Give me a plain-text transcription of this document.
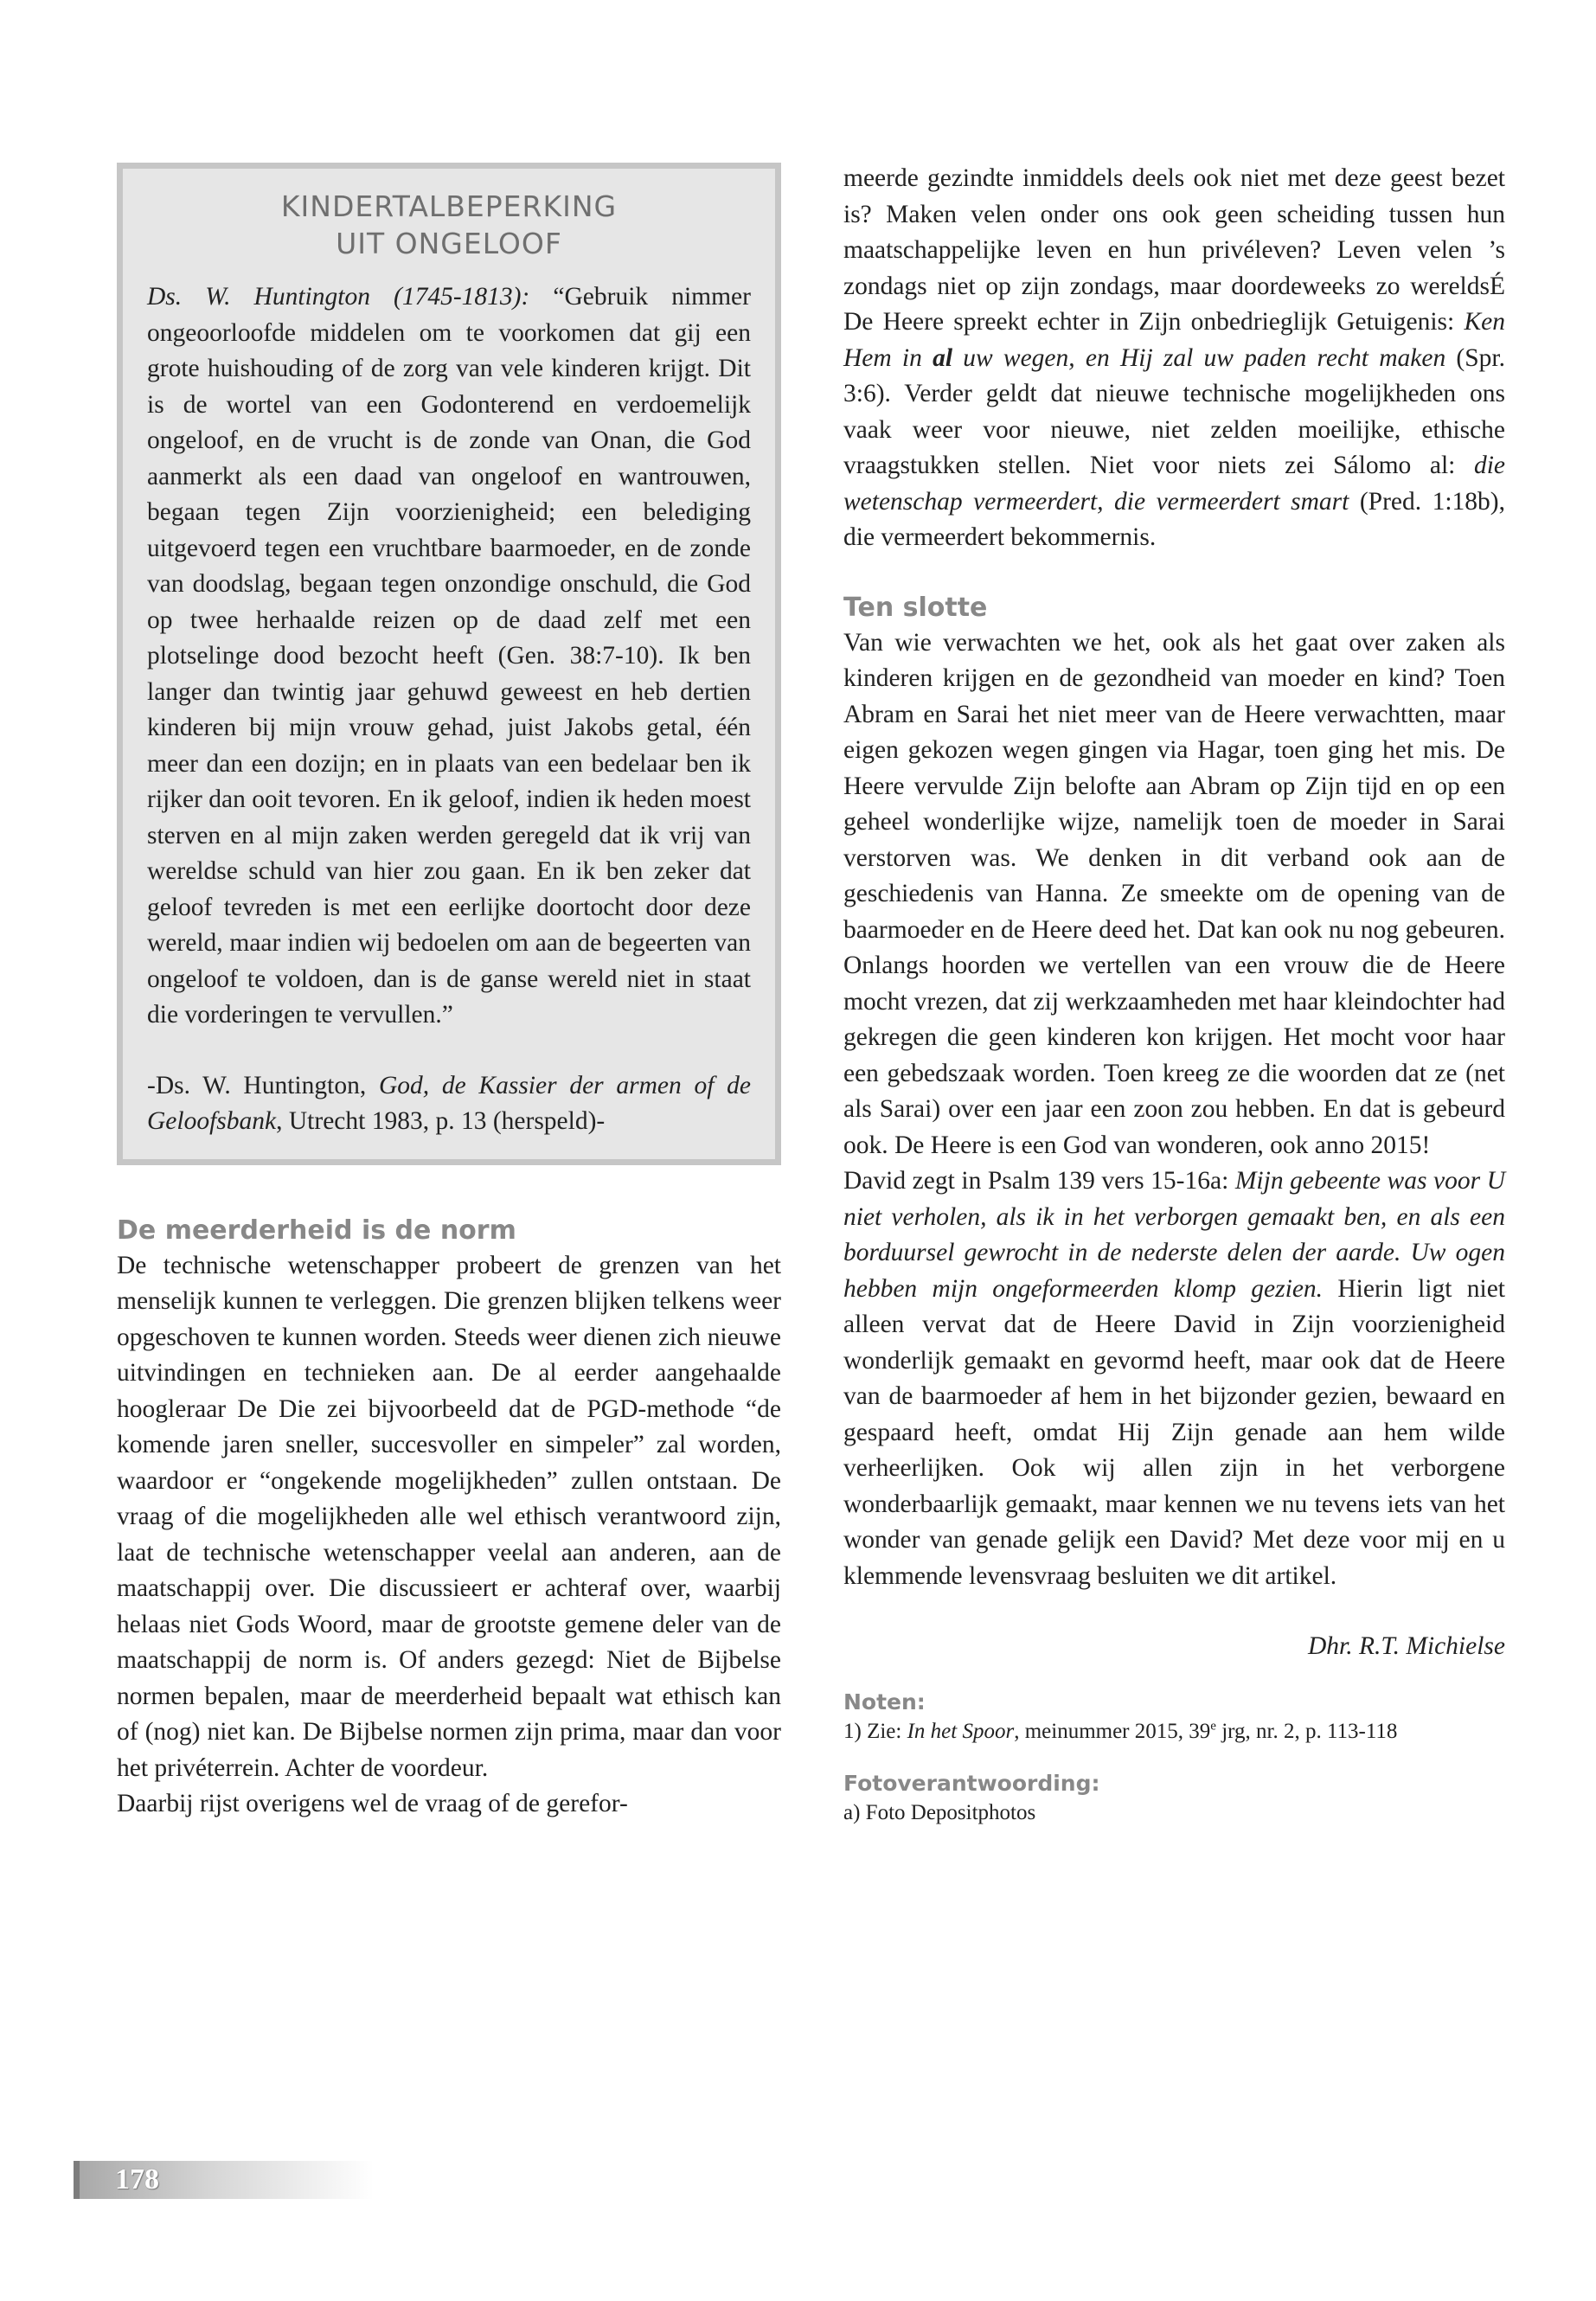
KINDERTALBEPERKING
UIT ONGELOOF

Ds. W. Huntington (1745-1813): “Gebruik nimmer ongeoorloofde middelen om te voorkomen dat gij een grote huishouding of de zorg van vele kinderen krijgt. Dit is de wortel van een Godonterend en verdoemelijk ongeloof, en de vrucht is de zonde van Onan, die God aanmerkt als een daad van ongeloof en wantrouwen, begaan tegen Zijn voorzienigheid; een belediging uitgevoerd tegen een vruchtbare baarmoeder, en de zonde van doodslag, begaan tegen onzondige onschuld, die God op twee herhaalde reizen op de daad zelf met een plotselinge dood bezocht heeft (Gen. 38:7-10). Ik ben langer dan twintig jaar gehuwd geweest en heb dertien kinderen bij mijn vrouw gehad, juist Jakobs getal, één meer dan een dozijn; en in plaats van een bedelaar ben ik rijker dan ooit tevoren. En ik geloof, indien ik heden moest sterven en al mijn zaken werden geregeld dat ik vrij van wereldse schuld van hier zou gaan. En ik ben zeker dat geloof tevreden is met een eerlijke doortocht door deze wereld, maar indien wij bedoelen om aan de begeerten van ongeloof te voldoen, dan is de ganse wereld niet in staat die vorderingen te vervullen.”

-Ds. W. Huntington, God, de Kassier der armen of de Geloofsbank, Utrecht 1983, p. 13 (herspeld)-

De meerderheid is de norm

De technische wetenschapper probeert de grenzen van het menselijk kunnen te verleggen. Die grenzen blijken telkens weer opgeschoven te kunnen worden. Steeds weer dienen zich nieuwe uitvindingen en technieken aan. De al eerder aangehaalde hoogleraar De Die zei bijvoorbeeld dat de PGD-methode “de komende jaren sneller, succesvoller en simpeler” zal worden, waardoor er “ongekende mogelijkheden” zullen ontstaan. De vraag of die mogelijkheden alle wel ethisch verantwoord zijn, laat de technische wetenschapper veelal aan anderen, aan de maatschappij over. Die discussieert er achteraf over, waarbij helaas niet Gods Woord, maar de grootste gemene deler van de maatschappij de norm is. Of anders gezegd: Niet de Bijbelse normen bepalen, maar de meerderheid bepaalt wat ethisch kan of (nog) niet kan. De Bijbelse normen zijn prima, maar dan voor het privéterrein. Achter de voordeur.

Daarbij rijst overigens wel de vraag of de gerefor-

meerde gezindte inmiddels deels ook niet met deze geest bezet is? Maken velen onder ons ook geen scheiding tussen hun maatschappelijke leven en hun privéleven? Leven velen ’s zondags niet op zijn zondags, maar doordeweeks zo wereldsÉ De Heere spreekt echter in Zijn onbedrieglijk Getuigenis: Ken Hem in al uw wegen, en Hij zal uw paden recht maken (Spr. 3:6). Verder geldt dat nieuwe technische mogelijkheden ons vaak weer voor nieuwe, niet zelden moeilijke, ethische vraagstukken stellen. Niet voor niets zei Sálomo al: die wetenschap vermeerdert, die vermeerdert smart (Pred. 1:18b), die vermeerdert bekommernis.

Ten slotte

Van wie verwachten we het, ook als het gaat over zaken als kinderen krijgen en de gezondheid van moeder en kind? Toen Abram en Sarai het niet meer van de Heere verwachtten, maar eigen gekozen wegen gingen via Hagar, toen ging het mis. De Heere vervulde Zijn belofte aan Abram op Zijn tijd en op een geheel wonderlijke wijze, namelijk toen de moeder in Sarai verstorven was. We denken in dit verband ook aan de geschiedenis van Hanna. Ze smeekte om de opening van de baarmoeder en de Heere deed het. Dat kan ook nu nog gebeuren. Onlangs hoorden we vertellen van een vrouw die de Heere mocht vrezen, dat zij werkzaamheden met haar kleindochter had gekregen die geen kinderen kon krijgen. Het mocht voor haar een gebedszaak worden. Toen kreeg ze die woorden dat ze (net als Sarai) over een jaar een zoon zou hebben. En dat is gebeurd ook. De Heere is een God van wonderen, ook anno 2015!

David zegt in Psalm 139 vers 15-16a: Mijn gebeente was voor U niet verholen, als ik in het verborgen gemaakt ben, en als een borduursel gewrocht in de nederste delen der aarde. Uw ogen hebben mijn ongeformeerden klomp gezien. Hierin ligt niet alleen vervat dat de Heere David in Zijn voorzienigheid wonderlijk gemaakt en gevormd heeft, maar ook dat de Heere van de baarmoeder af hem in het bijzonder gezien, bewaard en gespaard heeft, omdat Hij Zijn genade aan hem wilde verheerlijken. Ook wij allen zijn in het verborgene wonderbaarlijk gemaakt, maar kennen we nu tevens iets van het wonder van genade gelijk een David? Met deze voor mij en u klemmende levensvraag besluiten we dit artikel.

Dhr. R.T. Michielse

Noten:

1) Zie: In het Spoor, meinummer 2015, 39e jrg, nr. 2, p. 113-118

Fotoverantwoording:

a) Foto Depositphotos

178
